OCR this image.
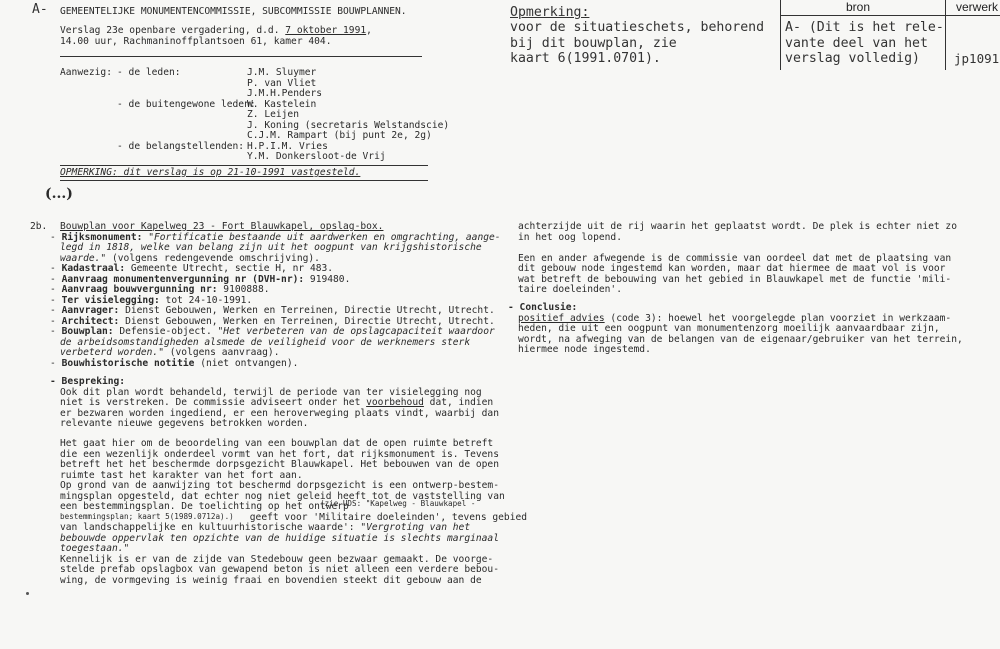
A- GEMEENTELIJKE MONUMENTENCOMMISSIE, SUBCOMMISSIE BOUWPLANNEN.
Verslag 23e openbare vergadering, d.d. 7 oktober 1991,
14.00 uur, Rachmaninoffplantsoen 61, kamer 404.
Aanwezig: - de leden:	J.M. Sluymer
P. van Vliet
J.M.H.Penders
- de buitengewone leden:
W. Kastelein
Z. Leijen
J. Koning (secretaris Welstandscie)
C.J.M. Rampart (bij punt 2e, 2g)
- de belangstellenden: H.P.I.M. Vries
Y.M. Donkersloot-de Vrij
OPMERKING: dit verslag is op 21-10-1991 vastgesteld.
(...)
Opmerking:
voor de situatieschets, behorend
bij dit bouwplan, zie
kaart 6(1991.0701).
bron	verwerk
A- (Dit is het rele-
vante deel van het
verslag volledig)	jp1091
2b. Bouwplan voor Kapelweg 23 - Fort Blauwkapel, opslag-box.
- Rijksmonument: "Fortificatie bestaande uit aardwerken en omgrachting, aange-
legd in 1818, welke van belang zijn uit het oogpunt van krijgshistorische
waarde." (volgens redengevende omschrijving).
- Kadastraal: Gemeente Utrecht, sectie H, nr 483.
- Aanvraag monumentenvergunning nr (DVH-nr): 919480.
- Aanvraag bouwvergunning nr: 9100888.
- Ter visielegging: tot 24-10-1991.
- Aanvrager: Dienst Gebouwen, Werken en Terreinen, Directie Utrecht, Utrecht.
- Architect: Dienst Gebouwen, Werken en Terreinen, Directie Utrecht, Utrecht.
- Bouwplan: Defensie-object. "Het verbeteren van de opslagcapaciteit waardoor
de arbeidsomstandigheden alsmede de veiligheid voor de werknemers sterk
verbeterd worden." (volgens aanvraag).
- Bouwhistorische notitie (niet ontvangen).
- Bespreking:
Ook dit plan wordt behandeld, terwijl de periode van ter visielegging nog
niet is verstreken. De commissie adviseert onder het voorbehoud dat, indien
er bezwaren worden ingediend, er een heroverweging plaats vindt, waarbij dan
relevante nieuwe gegevens betrokken worden.
Het gaat hier om de beoordeling van een bouwplan dat de open ruimte betreft
die een wezenlijk onderdeel vormt van het fort, dat rijksmonument is. Tevens
betreft het het beschermde dorpsgezicht Blauwkapel. Het bebouwen van de open
ruimte tast het karakter van het fort aan.
Op grond van de aanwijzing tot beschermd dorpsgezicht is een ontwerp-bestem-
mingsplan opgesteld, dat echter nog niet geleid heeft tot de vaststelling van
een bestemmingsplan. De toelichting op het ontwerp
(zie UDS: "Kapelweg - Blauwkapel -
bestemmingsplan; kaart 5(1989.0712a).) geeft voor 'Militaire doeleinden', tevens gebied
van landschappelijke en kultuurhistorische waarde': "Vergroting van het
bebouwde oppervlak ten opzichte van de huidige situatie is slechts marginaal
toegestaan."
Kennelijk is er van de zijde van Stedebouw geen bezwaar gemaakt. De voorge-
stelde prefab opslagbox van gewapend beton is niet alleen een verdere bebou-
wing, de vormgeving is weinig fraai en bovendien steekt dit gebouw aan de
achterzijde uit de rij waarin het geplaatst wordt. De plek is echter niet zo
in het oog lopend.
Een en ander afwegende is de commissie van oordeel dat met de plaatsing van
dit gebouw node ingestemd kan worden, maar dat hiermee de maat vol is voor
wat betreft de bebouwing van het gebied in Blauwkapel met de functie 'mili-
taire doeleinden'.
- Conclusie:
positief advies (code 3): hoewel het voorgelegde plan voorziet in werkzaam-
heden, die uit een oogpunt van monumentenzorg moeilijk aanvaardbaar zijn,
wordt, na afweging van de belangen van de eigenaar/gebruiker van het terrein,
hiermee node ingestemd.
